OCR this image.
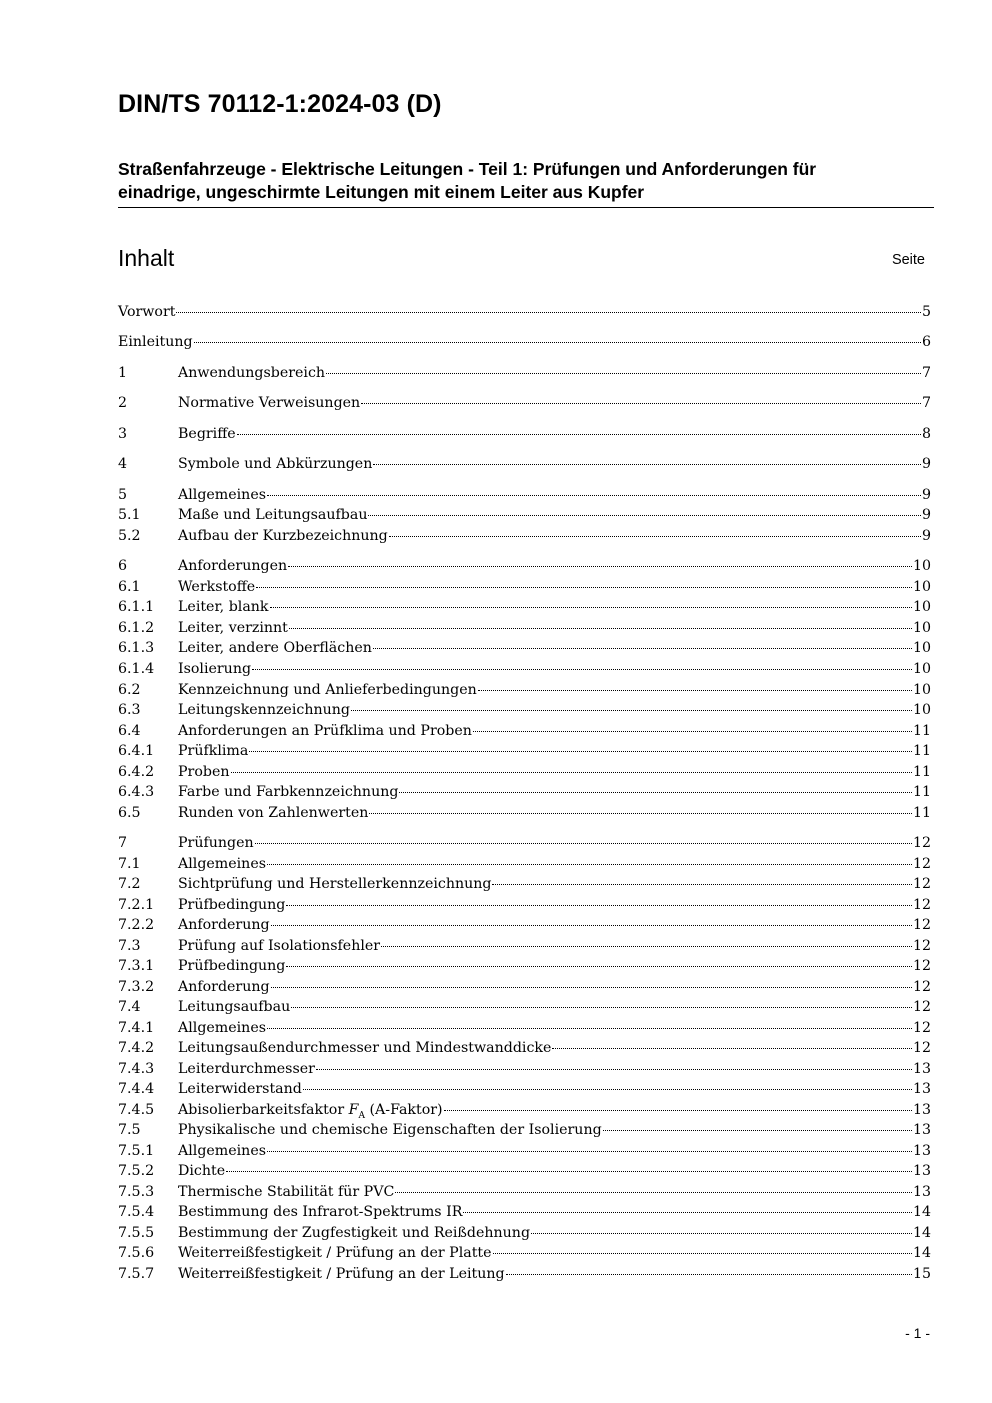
DIN/TS 70112-1:2024-03 (D)
Straßenfahrzeuge - Elektrische Leitungen - Teil 1: Prüfungen und Anforderungen für
einadrige, ungeschirmte Leitungen mit einem Leiter aus Kupfer
Inhalt	Seite
Vorwort	5
Einleitung	6
1	Anwendungsbereich	7
2	Normative Verweisungen	7
3	Begriffe	8
4	Symbole und Abkürzungen	9
5	Allgemeines	9
5.1	Maße und Leitungsaufbau	9
5.2	Aufbau der Kurzbezeichnung	9
6	Anforderungen	10
6.1	Werkstoffe	10
6.1.1	Leiter, blank	10
6.1.2	Leiter, verzinnt	10
6.1.3	Leiter, andere Oberflächen	10
6.1.4	Isolierung	10
6.2	Kennzeichnung und Anlieferbedingungen	10
6.3	Leitungskennzeichnung	10
6.4	Anforderungen an Prüfklima und Proben	11
6.4.1	Prüfklima	11
6.4.2	Proben	11
6.4.3	Farbe und Farbkennzeichnung	11
6.5	Runden von Zahlenwerten	11
7	Prüfungen	12
7.1	Allgemeines	12
7.2	Sichtprüfung und Herstellerkennzeichnung	12
7.2.1	Prüfbedingung	12
7.2.2	Anforderung	12
7.3	Prüfung auf Isolationsfehler	12
7.3.1	Prüfbedingung	12
7.3.2	Anforderung	12
7.4	Leitungsaufbau	12
7.4.1	Allgemeines	12
7.4.2	Leitungsaußendurchmesser und Mindestwanddicke	12
7.4.3	Leiterdurchmesser	13
7.4.4	Leiterwiderstand	13
7.4.5	Abisolierbarkeitsfaktor $F_A$ (A-Faktor)	13
7.5	Physikalische und chemische Eigenschaften der Isolierung	13
7.5.1	Allgemeines	13
7.5.2	Dichte	13
7.5.3	Thermische Stabilität für PVC	13
7.5.4	Bestimmung des Infrarot-Spektrums IR	14
7.5.5	Bestimmung der Zugfestigkeit und Reißdehnung	14
7.5.6	Weiterreißfestigkeit / Prüfung an der Platte	14
7.5.7	Weiterreißfestigkeit / Prüfung an der Leitung	15
- 1 -
